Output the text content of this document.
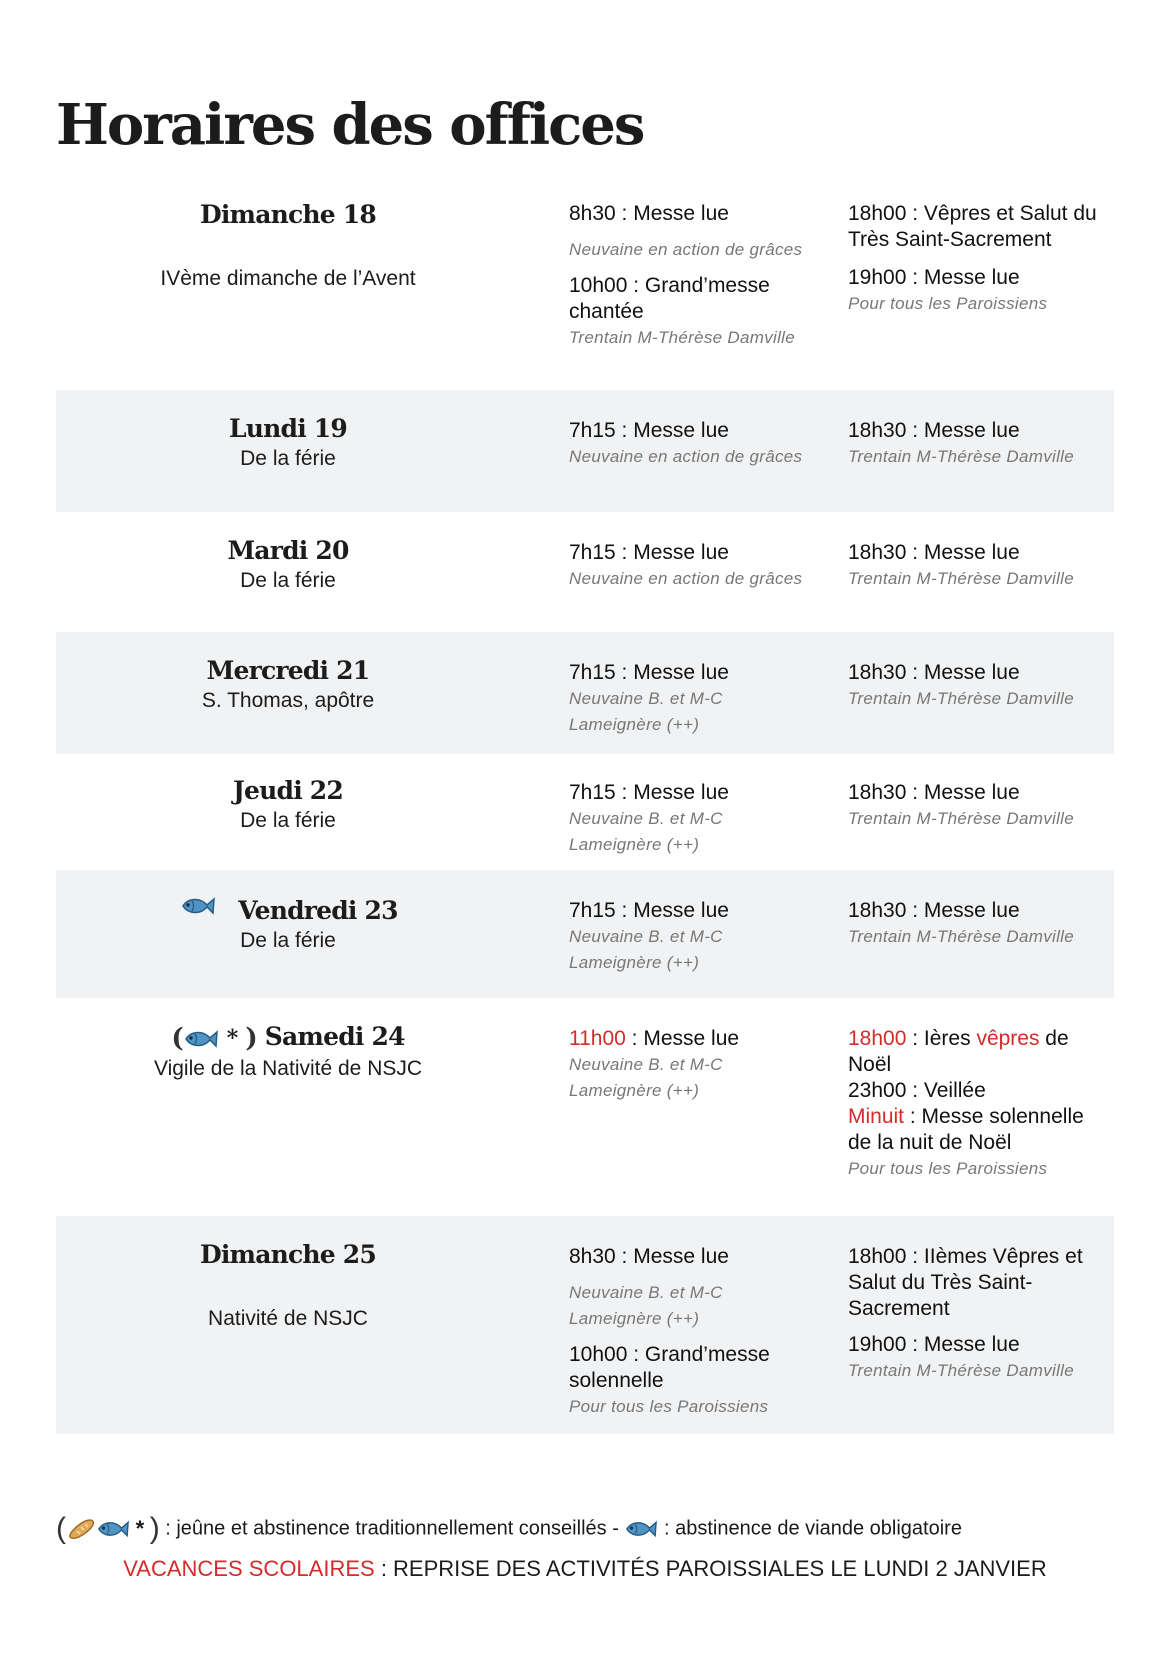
Horaires des offices
Dimanche 18
IVème dimanche de l’Avent
8h30 : Messe lue
Neuvaine en action de grâces
10h00 : Grand’messe chantée
Trentain M-Thérèse Damville
18h00 : Vêpres et Salut du Très Saint-Sacrement
19h00 : Messe lue
Pour tous les Paroissiens
Lundi 19
De la férie
7h15 : Messe lue
Neuvaine en action de grâces
18h30 : Messe lue
Trentain M-Thérèse Damville
Mardi 20
De la férie
7h15 : Messe lue
Neuvaine en action de grâces
18h30 : Messe lue
Trentain M-Thérèse Damville
Mercredi 21
S. Thomas, apôtre
7h15 : Messe lue
Neuvaine B. et M-C Lameignère (++)
18h30 : Messe lue
Trentain M-Thérèse Damville
Jeudi 22
De la férie
7h15 : Messe lue
Neuvaine B. et M-C Lameignère (++)
18h30 : Messe lue
Trentain M-Thérèse Damville
Vendredi 23
De la férie
7h15 : Messe lue
Neuvaine B. et M-C Lameignère (++)
18h30 : Messe lue
Trentain M-Thérèse Damville
( * ) Samedi 24
Vigile de la Nativité de NSJC
11h00 : Messe lue
Neuvaine B. et M-C Lameignère (++)
18h00 : Ières vêpres de Noël
23h00 : Veillée
Minuit : Messe solennelle de la nuit de Noël
Pour tous les Paroissiens
Dimanche 25
Nativité de NSJC
8h30 : Messe lue
Neuvaine B. et M-C Lameignère (++)
10h00 : Grand’messe solennelle
Pour tous les Paroissiens
18h00 : IIèmes Vêpres et Salut du Très Saint-Sacrement
19h00 : Messe lue
Trentain M-Thérèse Damville
(	* ) : jeûne et abstinence traditionnellement conseillés -  : abstinence de viande obligatoire
VACANCES SCOLAIRES : REPRISE DES ACTIVITÉS PAROISSIALES LE LUNDI 2 JANVIER
